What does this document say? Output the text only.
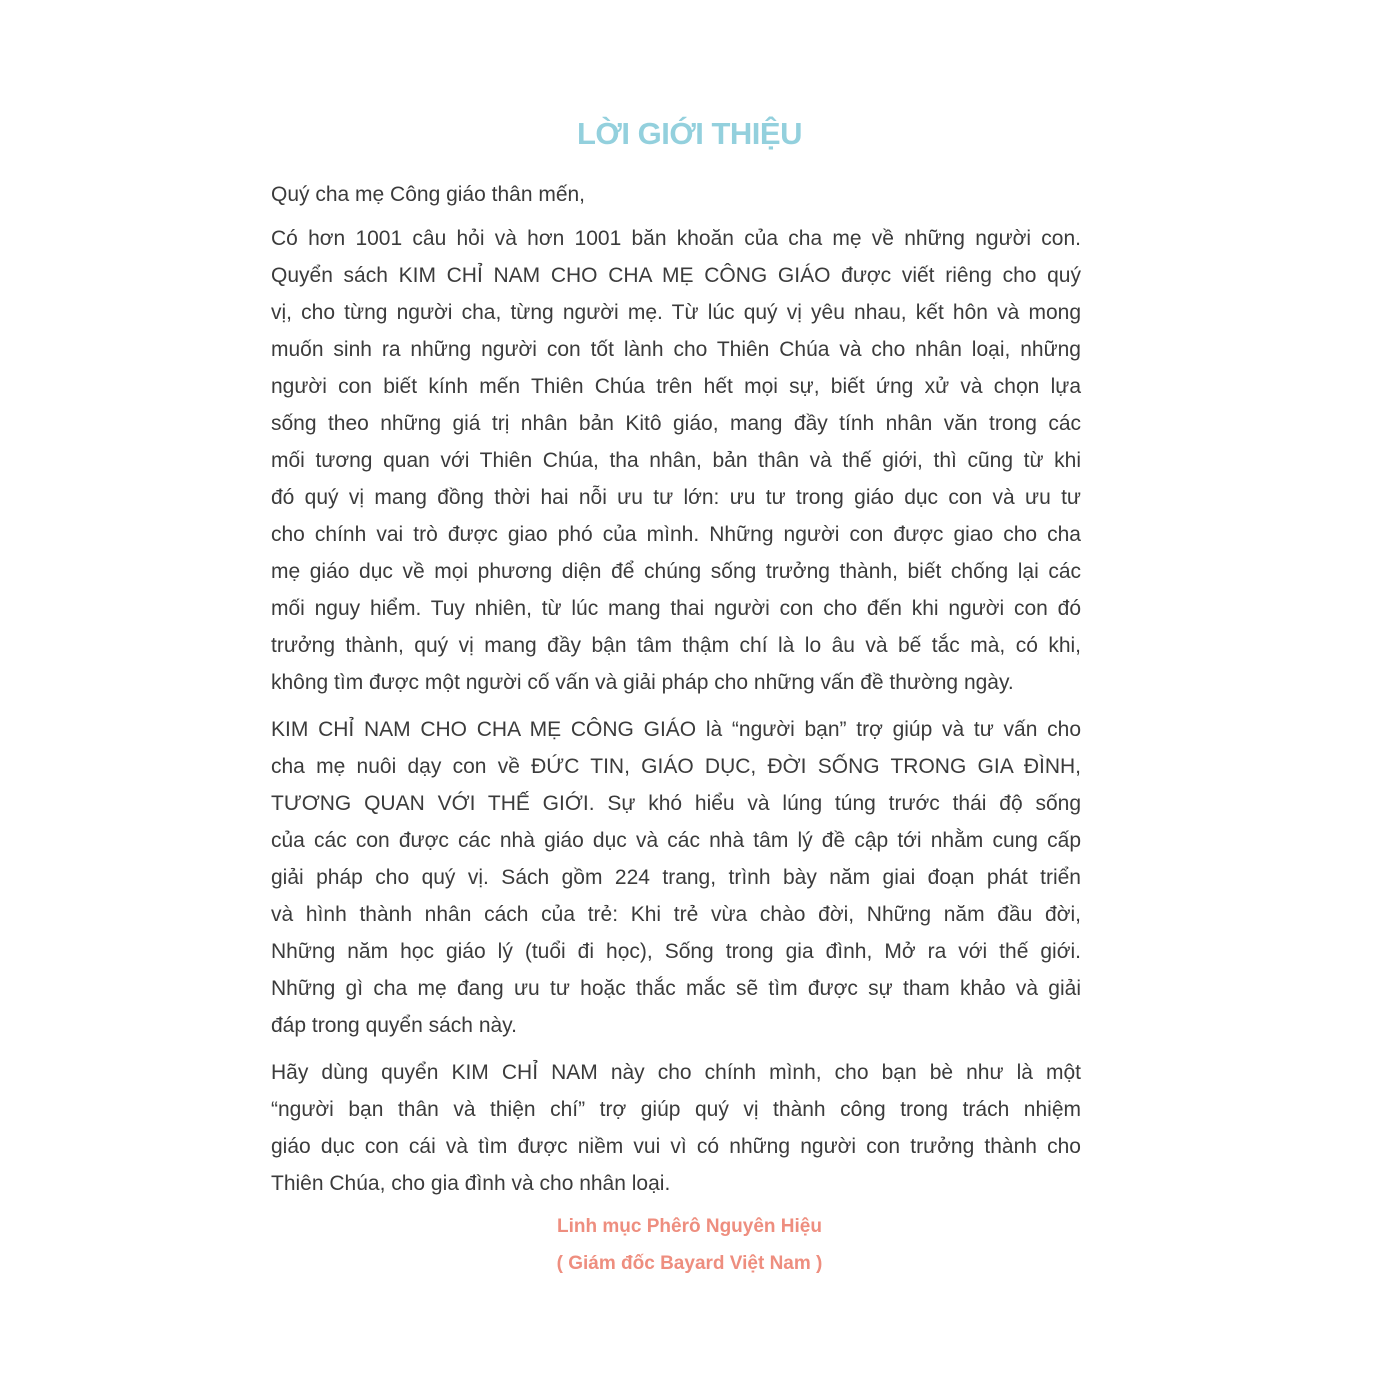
LỜI GIỚI THIỆU

Quý cha mẹ Công giáo thân mến,

Có hơn 1001 câu hỏi và hơn 1001 băn khoăn của cha mẹ về những người con.
Quyển sách KIM CHỈ NAM CHO CHA MẸ CÔNG GIÁO được viết riêng cho quý
vị, cho từng người cha, từng người mẹ. Từ lúc quý vị yêu nhau, kết hôn và mong
muốn sinh ra những người con tốt lành cho Thiên Chúa và cho nhân loại, những
người con biết kính mến Thiên Chúa trên hết mọi sự, biết ứng xử và chọn lựa
sống theo những giá trị nhân bản Kitô giáo, mang đầy tính nhân văn trong các
mối tương quan với Thiên Chúa, tha nhân, bản thân và thế giới, thì cũng từ khi
đó quý vị mang đồng thời hai nỗi ưu tư lớn: ưu tư trong giáo dục con và ưu tư
cho chính vai trò được giao phó của mình. Những người con được giao cho cha
mẹ giáo dục về mọi phương diện để chúng sống trưởng thành, biết chống lại các
mối nguy hiểm. Tuy nhiên, từ lúc mang thai người con cho đến khi người con đó
trưởng thành, quý vị mang đầy bận tâm thậm chí là lo âu và bế tắc mà, có khi,
không tìm được một người cố vấn và giải pháp cho những vấn đề thường ngày.

KIM CHỈ NAM CHO CHA MẸ CÔNG GIÁO là “người bạn” trợ giúp và tư vấn cho
cha mẹ nuôi dạy con về ĐỨC TIN, GIÁO DỤC, ĐỜI SỐNG TRONG GIA ĐÌNH,
TƯƠNG QUAN VỚI THẾ GIỚI. Sự khó hiểu và lúng túng trước thái độ sống
của các con được các nhà giáo dục và các nhà tâm lý đề cập tới nhằm cung cấp
giải pháp cho quý vị. Sách gồm 224 trang, trình bày năm giai đoạn phát triển
và hình thành nhân cách của trẻ: Khi trẻ vừa chào đời, Những năm đầu đời,
Những năm học giáo lý (tuổi đi học), Sống trong gia đình, Mở ra với thế giới.
Những gì cha mẹ đang ưu tư hoặc thắc mắc sẽ tìm được sự tham khảo và giải
đáp trong quyển sách này.

Hãy dùng quyển KIM CHỈ NAM này cho chính mình, cho bạn bè như là một
“người bạn thân và thiện chí” trợ giúp quý vị thành công trong trách nhiệm
giáo dục con cái và tìm được niềm vui vì có những người con trưởng thành cho
Thiên Chúa, cho gia đình và cho nhân loại.

Linh mục Phêrô Nguyên Hiệu
( Giám đốc Bayard Việt Nam )
